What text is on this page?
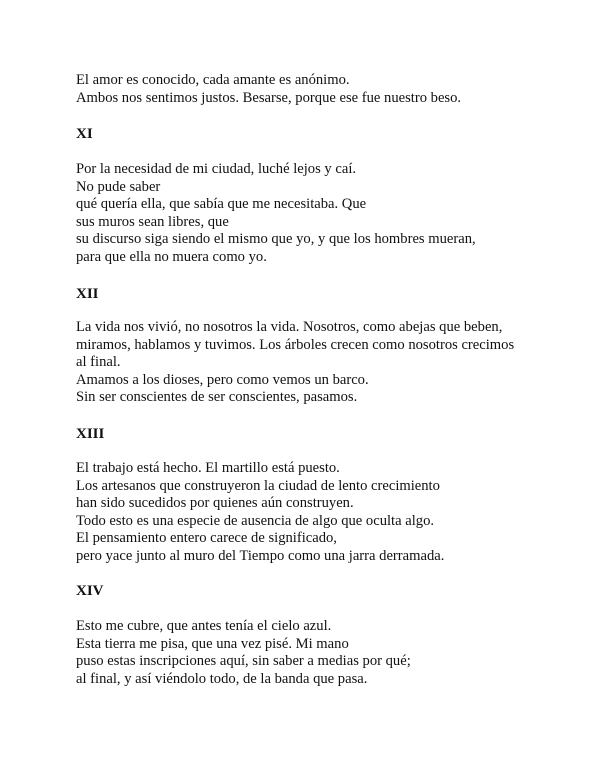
El amor es conocido, cada amante es anónimo.
Ambos nos sentimos justos. Besarse, porque ese fue nuestro beso.
XI
Por la necesidad de mi ciudad, luché lejos y caí.
No pude saber
qué quería ella, que sabía que me necesitaba. Que
sus muros sean libres, que
su discurso siga siendo el mismo que yo, y que los hombres mueran,
para que ella no muera como yo.
XII
La vida nos vivió, no nosotros la vida. Nosotros, como abejas que beben,
miramos, hablamos y tuvimos. Los árboles crecen como nosotros crecimos
al final.
Amamos a los dioses, pero como vemos un barco.
Sin ser conscientes de ser conscientes, pasamos.
XIII
El trabajo está hecho. El martillo está puesto.
Los artesanos que construyeron la ciudad de lento crecimiento
han sido sucedidos por quienes aún construyen.
Todo esto es una especie de ausencia de algo que oculta algo.
El pensamiento entero carece de significado,
pero yace junto al muro del Tiempo como una jarra derramada.
XIV
Esto me cubre, que antes tenía el cielo azul.
Esta tierra me pisa, que una vez pisé. Mi mano
puso estas inscripciones aquí, sin saber a medias por qué;
al final, y así viéndolo todo, de la banda que pasa.
